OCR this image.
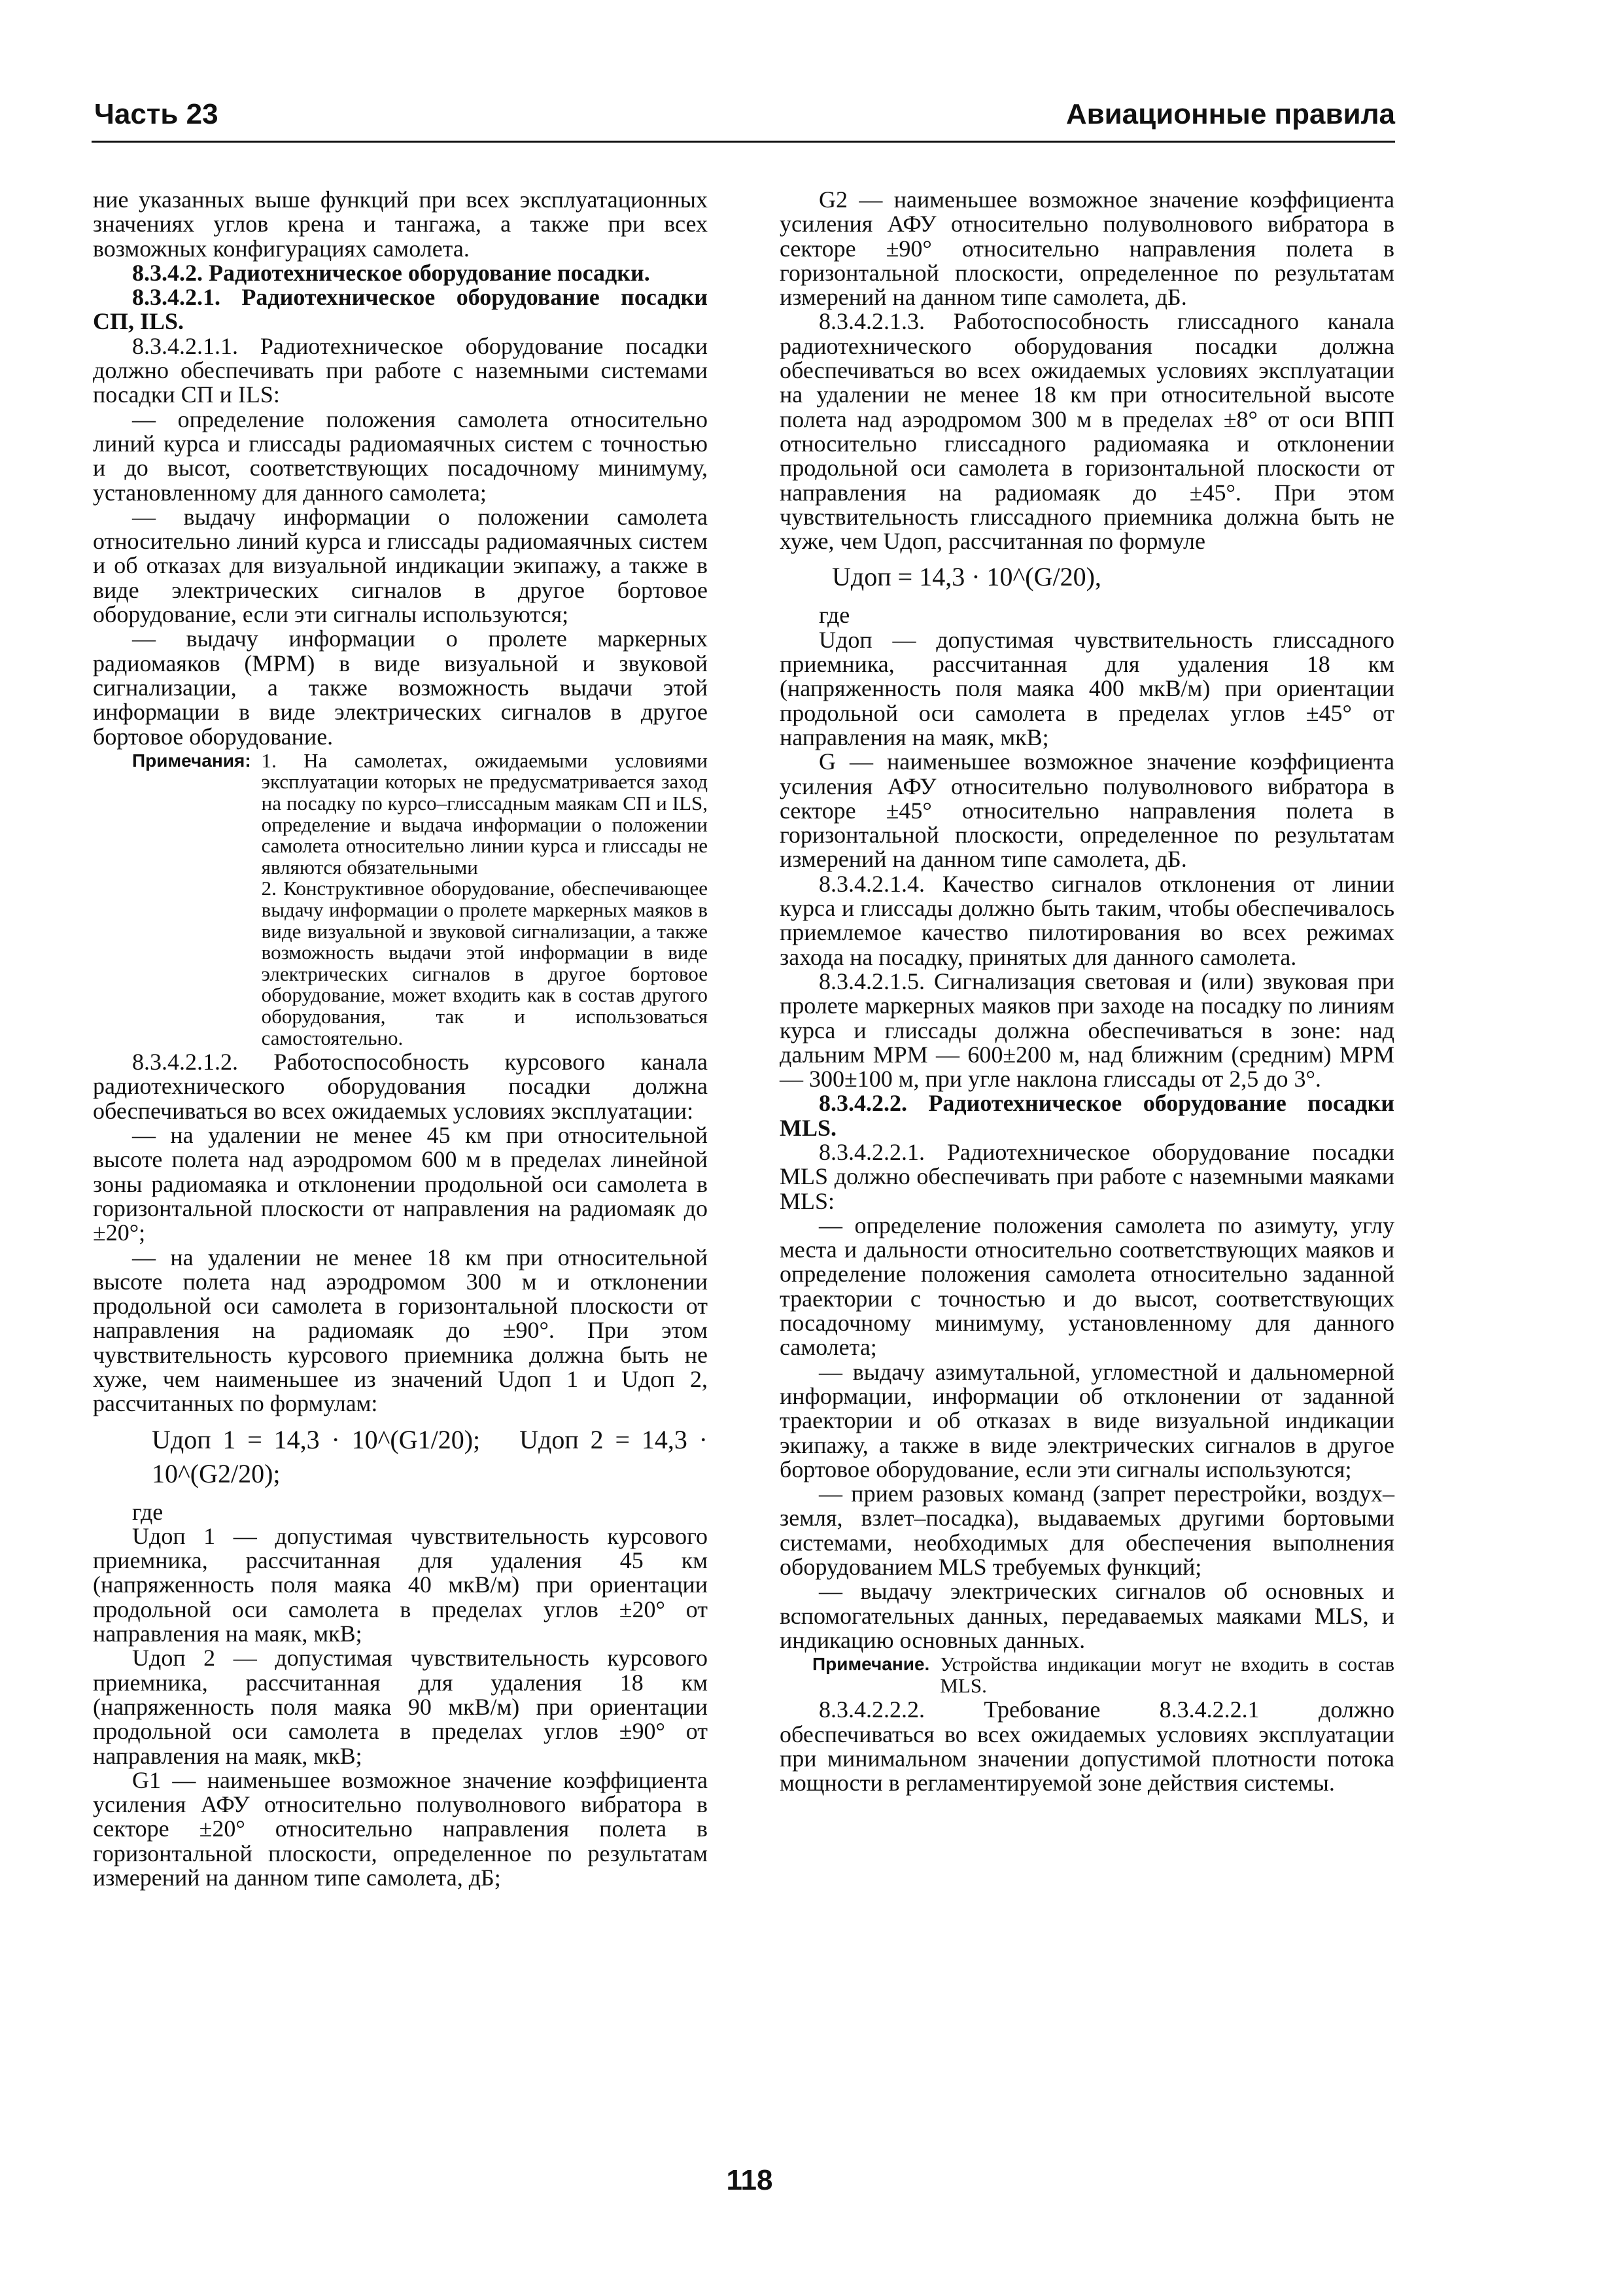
Часть 23	Авиационные правила

ние указанных выше функций при всех эксплуатационных значениях углов крена и тангажа, а также при всех возможных конфигурациях самолета.

8.3.4.2. Радиотехническое оборудование посадки.

8.3.4.2.1. Радиотехническое оборудование посадки СП, ILS.

8.3.4.2.1.1. Радиотехническое оборудование посадки должно обеспечивать при работе с наземными системами посадки СП и ILS:

— определение положения самолета относительно линий курса и глиссады радиомаячных систем с точностью и до высот, соответствующих посадочному минимуму, установленному для данного самолета;

— выдачу информации о положении самолета относительно линий курса и глиссады радиомаячных систем и об отказах для визуальной индикации экипажу, а также в виде электрических сигналов в другое бортовое оборудование, если эти сигналы используются;

— выдачу информации о пролете маркерных радиомаяков (МРМ) в виде визуальной и звуковой сигнализации, а также возможность выдачи этой информации в виде электрических сигналов в другое бортовое оборудование.

Примечания: 1. На самолетах, ожидаемыми условиями эксплуатации которых не предусматривается заход на посадку по курсо–глиссадным маякам СП и ILS, определение и выдача информации о положении самолета относительно линии курса и глиссады не являются обязательными

2. Конструктивное оборудование, обеспечивающее выдачу информации о пролете маркерных маяков в виде визуальной и звуковой сигнализации, а также возможность выдачи этой информации в виде электрических сигналов в другое бортовое оборудование, может входить как в состав другого оборудования, так и использоваться самостоятельно.

8.3.4.2.1.2. Работоспособность курсового канала радиотехнического оборудования посадки должна обеспечиваться во всех ожидаемых условиях эксплуатации:

— на удалении не менее 45 км при относительной высоте полета над аэродромом 600 м в пределах линейной зоны радиомаяка и отклонении продольной оси самолета в горизонтальной плоскости от направления на радиомаяк до ±20°;

— на удалении не менее 18 км при относительной высоте полета над аэродромом 300 м и отклонении продольной оси самолета в горизонтальной плоскости от направления на радиомаяк до ±90°. При этом чувствительность курсового приемника должна быть не хуже, чем наименьшее из значений Uдоп 1 и Uдоп 2, рассчитанных по формулам:

Uдоп 1 = 14,3 · 10^(G1/20); Uдоп 2 = 14,3 · 10^(G2/20);

где

Uдоп 1 — допустимая чувствительность курсового приемника, рассчитанная для удаления 45 км (напряженность поля маяка 40 мкВ/м) при ориентации продольной оси самолета в пределах углов ±20° от направления на маяк, мкВ;

Uдоп 2 — допустимая чувствительность курсового приемника, рассчитанная для удаления 18 км (напряженность поля маяка 90 мкВ/м) при ориентации продольной оси самолета в пределах углов ±90° от направления на маяк, мкВ;

G1 — наименьшее возможное значение коэффициента усиления АФУ относительно полуволнового вибратора в секторе ±20° относительно направления полета в горизонтальной плоскости, определенное по результатам измерений на данном типе самолета, дБ;

G2 — наименьшее возможное значение коэффициента усиления АФУ относительно полуволнового вибратора в секторе ±90° относительно направления полета в горизонтальной плоскости, определенное по результатам измерений на данном типе самолета, дБ.

8.3.4.2.1.3. Работоспособность глиссадного канала радиотехнического оборудования посадки должна обеспечиваться во всех ожидаемых условиях эксплуатации на удалении не менее 18 км при относительной высоте полета над аэродромом 300 м в пределах ±8° от оси ВПП относительно глиссадного радиомаяка и отклонении продольной оси самолета в горизонтальной плоскости от направления на радиомаяк до ±45°. При этом чувствительность глиссадного приемника должна быть не хуже, чем Uдоп, рассчитанная по формуле

Uдоп = 14,3 · 10^(G/20),

где

Uдоп — допустимая чувствительность глиссадного приемника, рассчитанная для удаления 18 км (напряженность поля маяка 400 мкВ/м) при ориентации продольной оси самолета в пределах углов ±45° от направления на маяк, мкВ;

G — наименьшее возможное значение коэффициента усиления АФУ относительно полуволнового вибратора в секторе ±45° относительно направления полета в горизонтальной плоскости, определенное по результатам измерений на данном типе самолета, дБ.

8.3.4.2.1.4. Качество сигналов отклонения от линии курса и глиссады должно быть таким, чтобы обеспечивалось приемлемое качество пилотирования во всех режимах захода на посадку, принятых для данного самолета.

8.3.4.2.1.5. Сигнализация световая и (или) звуковая при пролете маркерных маяков при заходе на посадку по линиям курса и глиссады должна обеспечиваться в зоне: над дальним МРМ — 600±200 м, над ближним (средним) МРМ — 300±100 м, при угле наклона глиссады от 2,5 до 3°.

8.3.4.2.2. Радиотехническое оборудование посадки MLS.

8.3.4.2.2.1. Радиотехническое оборудование посадки MLS должно обеспечивать при работе с наземными маяками MLS:

— определение положения самолета по азимуту, углу места и дальности относительно соответствующих маяков и определение положения самолета относительно заданной траектории с точностью и до высот, соответствующих посадочному минимуму, установленному для данного самолета;

— выдачу азимутальной, угломестной и дальномерной информации, информации об отклонении от заданной траектории и об отказах в виде визуальной индикации экипажу, а также в виде электрических сигналов в другое бортовое оборудование, если эти сигналы используются;

— прием разовых команд (запрет перестройки, воздух–земля, взлет–посадка), выдаваемых другими бортовыми системами, необходимых для обеспечения выполнения оборудованием MLS требуемых функций;

— выдачу электрических сигналов об основных и вспомогательных данных, передаваемых маяками MLS, и индикацию основных данных.

Примечание. Устройства индикации могут не входить в состав MLS.

8.3.4.2.2.2. Требование 8.3.4.2.2.1 должно обеспечиваться во всех ожидаемых условиях эксплуатации при минимальном значении допустимой плотности потока мощности в регламентируемой зоне действия системы.

118
